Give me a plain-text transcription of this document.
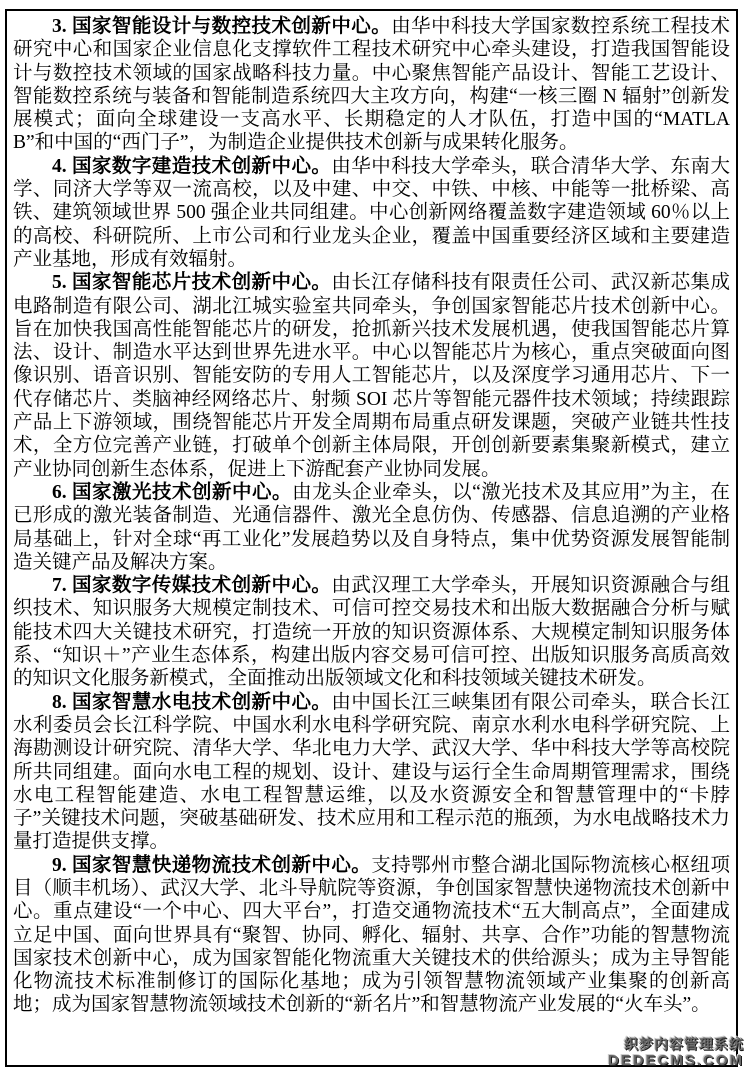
3. 国家智能设计与数控技术创新中心。由华中科技大学国家数控系统工程技术研究中心和国家企业信息化支撑软件工程技术研究中心牵头建设，打造我国智能设计与数控技术领域的国家战略科技力量。中心聚焦智能产品设计、智能工艺设计、智能数控系统与装备和智能制造系统四大主攻方向，构建“一核三圈 N 辐射”创新发展模式；面向全球建设一支高水平、长期稳定的人才队伍，打造中国的“MATLAB”和中国的“西门子”，为制造企业提供技术创新与成果转化服务。

4. 国家数字建造技术创新中心。由华中科技大学牵头，联合清华大学、东南大学、同济大学等双一流高校，以及中建、中交、中铁、中核、中能等一批桥梁、高铁、建筑领域世界 500 强企业共同组建。中心创新网络覆盖数字建造领域 60％以上的高校、科研院所、上市公司和行业龙头企业，覆盖中国重要经济区域和主要建造产业基地，形成有效辐射。

5. 国家智能芯片技术创新中心。由长江存储科技有限责任公司、武汉新芯集成电路制造有限公司、湖北江城实验室共同牵头，争创国家智能芯片技术创新中心。旨在加快我国高性能智能芯片的研发，抢抓新兴技术发展机遇，使我国智能芯片算法、设计、制造水平达到世界先进水平。中心以智能芯片为核心，重点突破面向图像识别、语音识别、智能安防的专用人工智能芯片，以及深度学习通用芯片、下一代存储芯片、类脑神经网络芯片、射频 SOI 芯片等智能元器件技术领域；持续跟踪产品上下游领域，围绕智能芯片开发全周期布局重点研发课题，突破产业链共性技术，全方位完善产业链，打破单个创新主体局限，开创创新要素集聚新模式，建立产业协同创新生态体系，促进上下游配套产业协同发展。

6. 国家激光技术创新中心。由龙头企业牵头，以“激光技术及其应用”为主，在已形成的激光装备制造、光通信器件、激光全息仿伪、传感器、信息追溯的产业格局基础上，针对全球“再工业化”发展趋势以及自身特点，集中优势资源发展智能制造关键产品及解决方案。

7. 国家数字传媒技术创新中心。由武汉理工大学牵头，开展知识资源融合与组织技术、知识服务大规模定制技术、可信可控交易技术和出版大数据融合分析与赋能技术四大关键技术研究，打造统一开放的知识资源体系、大规模定制知识服务体系、“知识＋”产业生态体系，构建出版内容交易可信可控、出版知识服务高质高效的知识文化服务新模式，全面推动出版领域文化和科技领域关键技术研发。

8. 国家智慧水电技术创新中心。由中国长江三峡集团有限公司牵头，联合长江水利委员会长江科学院、中国水利水电科学研究院、南京水利水电科学研究院、上海勘测设计研究院、清华大学、华北电力大学、武汉大学、华中科技大学等高校院所共同组建。面向水电工程的规划、设计、建设与运行全生命周期管理需求，围绕水电工程智能建造、水电工程智慧运维，以及水资源安全和智慧管理中的“卡脖子”关键技术问题，突破基础研发、技术应用和工程示范的瓶颈，为水电战略技术力量打造提供支撑。

9. 国家智慧快递物流技术创新中心。支持鄂州市整合湖北国际物流核心枢纽项目（顺丰机场）、武汉大学、北斗导航院等资源，争创国家智慧快递物流技术创新中心。重点建设“一个中心、四大平台”，打造交通物流技术“五大制高点”，全面建成立足中国、面向世界具有“聚智、协同、孵化、辐射、共享、合作”功能的智慧物流国家技术创新中心，成为国家智能化物流重大关键技术的供给源头；成为主导智能化物流技术标准制修订的国际化基地；成为引领智慧物流领域产业集聚的创新高地；成为国家智慧物流领域技术创新的“新名片”和智慧物流产业发展的“火车头”。

织梦内容管理系统
DEDECMS.COM
